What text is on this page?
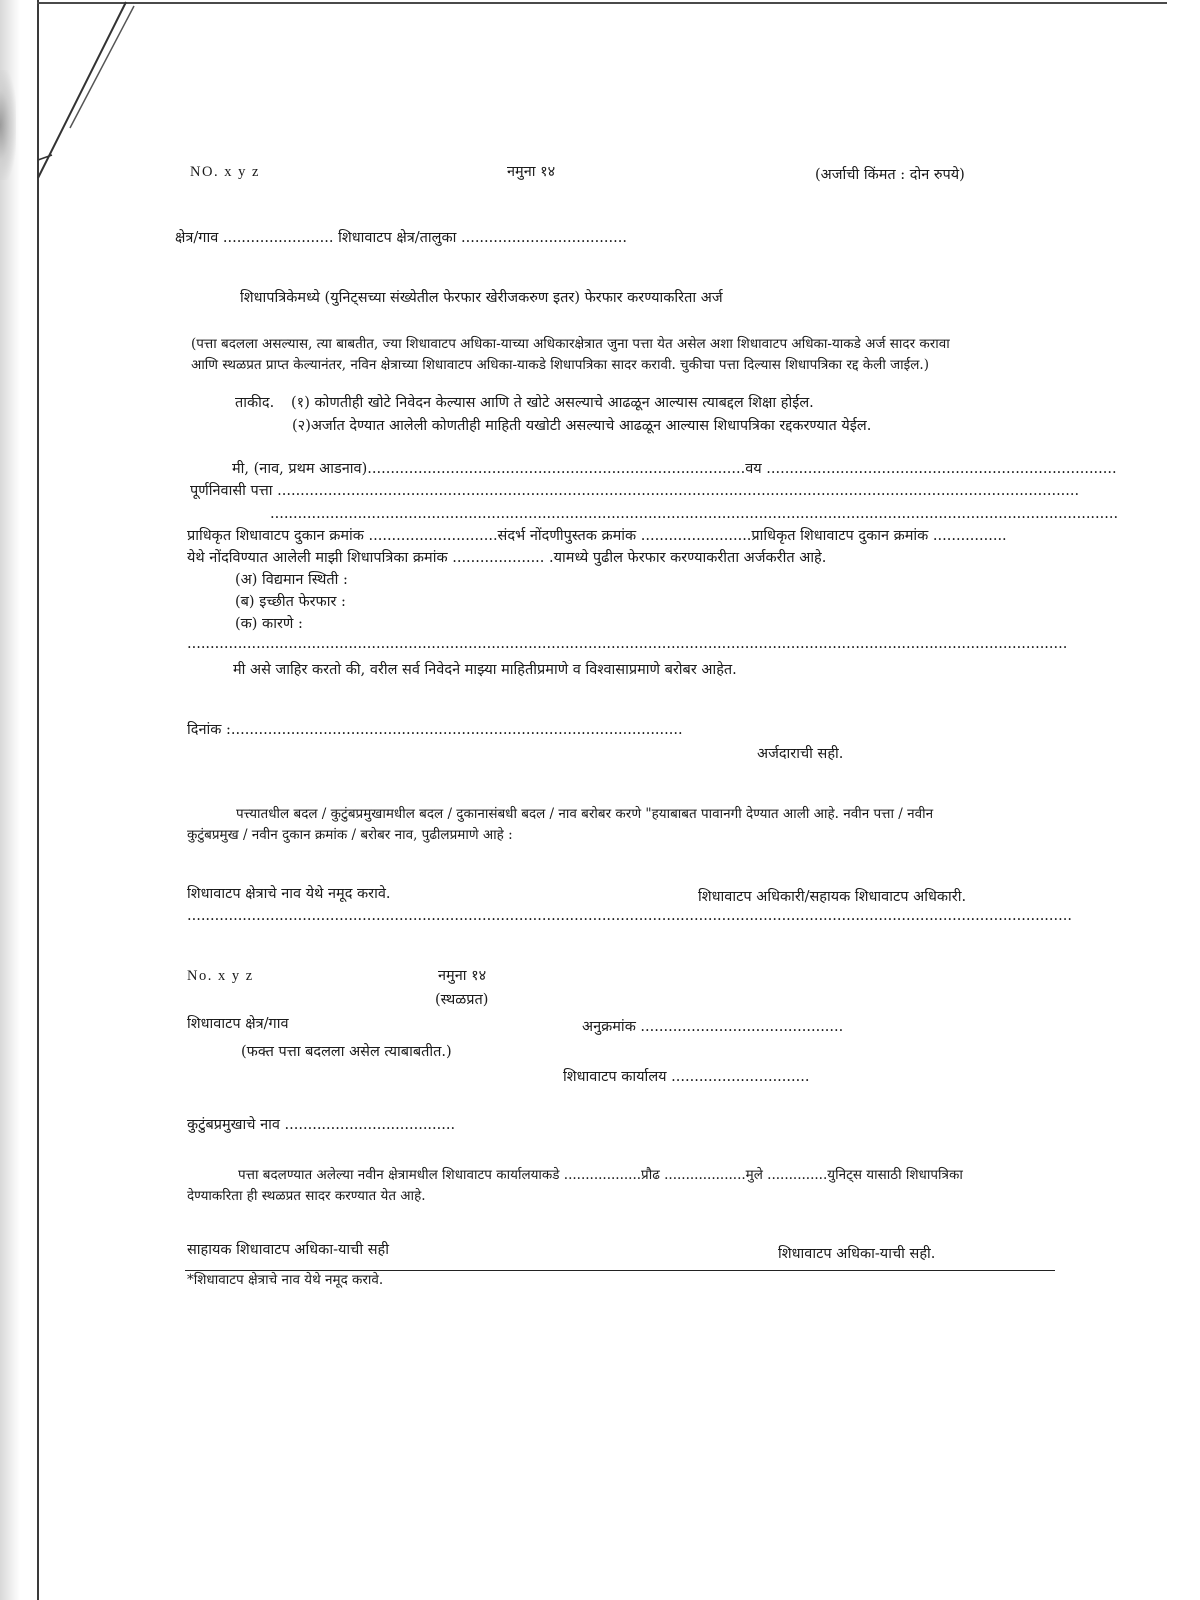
NO. x y z	नमुना १४	(अर्जाची किंमत : दोन रुपये)
क्षेत्र/गाव ........................ शिधावाटप क्षेत्र/तालुका ....................................
शिधापत्रिकेमध्ये (युनिट्सच्या संख्येतील फेरफार खेरीजकरुण इतर) फेरफार करण्याकरिता अर्ज
(पत्ता बदलला असल्यास, त्या बाबतीत, ज्या शिधावाटप अधिका-याच्या अधिकारक्षेत्रात जुना पत्ता येत असेल अशा शिधावाटप अधिका-याकडे अर्ज सादर करावा
आणि स्थळप्रत प्राप्त केल्यानंतर, नविन क्षेत्राच्या शिधावाटप अधिका-याकडे शिधापत्रिका सादर करावी. चुकीचा पत्ता दिल्यास शिधापत्रिका रद्द केली जाईल.)
ताकीद. (१) कोणतीही खोटे निवेदन केल्यास आणि ते खोटे असल्याचे आढळून आल्यास त्याबद्दल शिक्षा होईल.
(२)अर्जात देण्यात आलेली कोणतीही माहिती यखोटी असल्याचे आढळून आल्यास शिधापत्रिका रद्दकरण्यात येईल.
मी, (नाव, प्रथम आडनाव)..................................................................................वय ............................................................................
पूर्णनिवासी पत्ता ..............................................................................................................................................................................
........................................................................................................................................................................................
प्राधिकृत शिधावाटप दुकान क्रमांक ............................संदर्भ नोंदणीपुस्तक क्रमांक ........................प्राधिकृत शिधावाटप दुकान क्रमांक ................
येथे नोंदविण्यात आलेली माझी शिधापत्रिका क्रमांक .................... .यामध्ये पुढील फेरफार करण्याकरीता अर्जकरीत आहे.
(अ) विद्यमान स्थिती :
(ब) इच्छीत फेरफार :
(क) कारणे :
...............................................................................................................................................................................................
मी असे जाहिर करतो की, वरील सर्व निवेदने माझ्या माहितीप्रमाणे व विश्वासाप्रमाणे बरोबर आहेत.
दिनांक :..................................................................................................
अर्जदाराची सही.
पत्त्यातधील बदल / कुटुंबप्रमुखामधील बदल / दुकानासंबधी बदल / नाव बरोबर करणे "हयाबाबत पावानगी देण्यात आली आहे. नवीन पत्ता / नवीन
कुटुंबप्रमुख / नवीन दुकान क्रमांक / बरोबर नाव, पुढीलप्रमाणे आहे :
शिधावाटप क्षेत्राचे नाव येथे नमूद करावे.	शिधावाटप अधिकारी/सहायक शिधावाटप अधिकारी.
................................................................................................................................................................................................
No. x y z	नमुना १४
(स्थळप्रत)
शिधावाटप क्षेत्र/गाव	अनुक्रमांक ............................................
(फक्त पत्ता बदलला असेल त्याबाबतीत.)
शिधावाटप कार्यालय ..............................
कुटुंबप्रमुखाचे नाव .....................................
पत्ता बदलण्यात अलेल्या नवीन क्षेत्रामधील शिधावाटप कार्यालयाकडे ..................प्रौढ ...................मुले ..............युनिट्स यासाठी शिधापत्रिका
देण्याकरिता ही स्थळप्रत सादर करण्यात येत आहे.
साहायक शिधावाटप अधिका-याची सही	शिधावाटप अधिका-याची सही.
*शिधावाटप क्षेत्राचे नाव येथे नमूद करावे.
